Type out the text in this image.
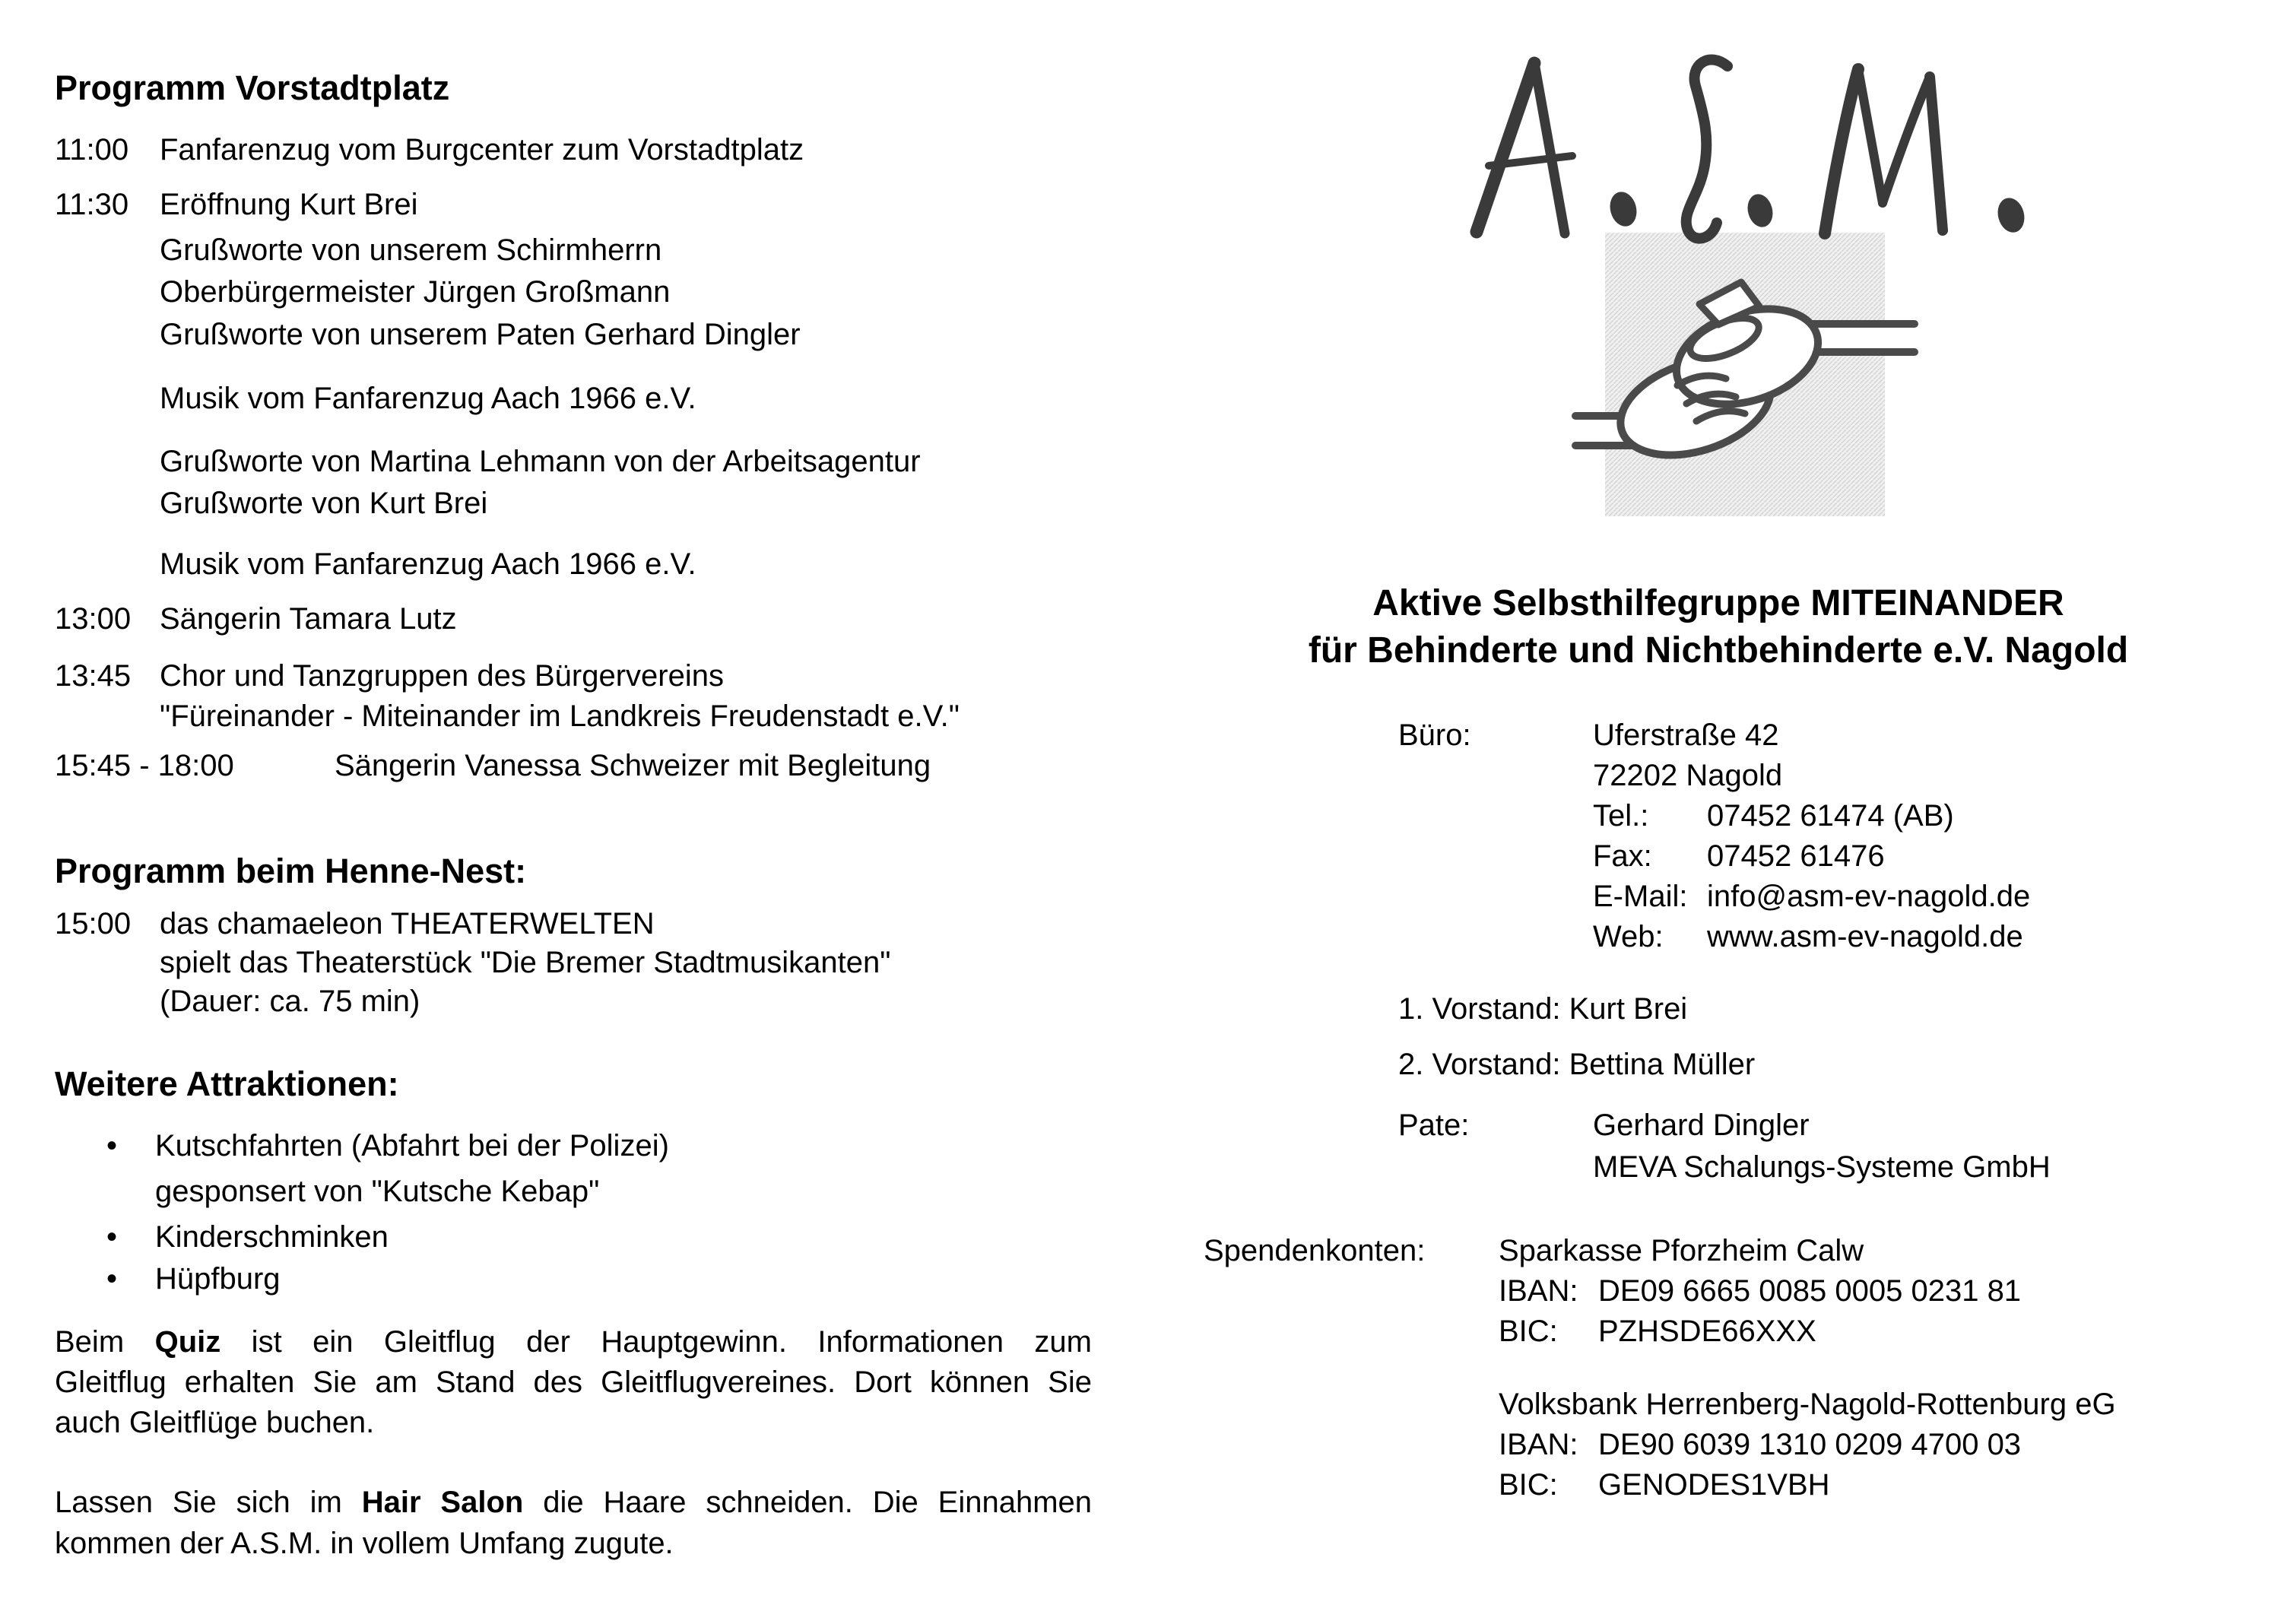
Programm Vorstadtplatz
11:00 Fanfarenzug vom Burgcenter zum Vorstadtplatz
11:30 Eröffnung Kurt Brei
Grußworte von unserem Schirmherrn
Oberbürgermeister Jürgen Großmann
Grußworte von unserem Paten Gerhard Dingler
Musik vom Fanfarenzug Aach 1966 e.V.
Grußworte von Martina Lehmann von der Arbeitsagentur
Grußworte von Kurt Brei
Musik vom Fanfarenzug Aach 1966 e.V.
13:00 Sängerin Tamara Lutz
13:45 Chor und Tanzgruppen des Bürgervereins
"Füreinander - Miteinander im Landkreis Freudenstadt e.V."
15:45 - 18:00	Sängerin Vanessa Schweizer mit Begleitung
Programm beim Henne-Nest:
15:00 das chamaeleon THEATERWELTEN
spielt das Theaterstück "Die Bremer Stadtmusikanten"
(Dauer: ca. 75 min)
Weitere Attraktionen:
• Kutschfahrten (Abfahrt bei der Polizei)
gesponsert von "Kutsche Kebap"
• Kinderschminken
• Hüpfburg
Beim Quiz ist ein Gleitflug der Hauptgewinn. Informationen zum
Gleitflug erhalten Sie am Stand des Gleitflugvereines. Dort können Sie
auch Gleitflüge buchen.
Lassen Sie sich im Hair Salon die Haare schneiden. Die Einnahmen
kommen der A.S.M. in vollem Umfang zugute.
Aktive Selbsthilfegruppe MITEINANDER
für Behinderte und Nichtbehinderte e.V. Nagold
Büro:	Uferstraße 42
72202 Nagold
Tel.: 07452 61474 (AB)
Fax: 07452 61476
E-Mail: info@asm-ev-nagold.de
Web: www.asm-ev-nagold.de
1. Vorstand: Kurt Brei
2. Vorstand: Bettina Müller
Pate:	Gerhard Dingler
MEVA Schalungs-Systeme GmbH
Spendenkonten: Sparkasse Pforzheim Calw
IBAN: DE09 6665 0085 0005 0231 81
BIC: PZHSDE66XXX
Volksbank Herrenberg-Nagold-Rottenburg eG
IBAN: DE90 6039 1310 0209 4700 03
BIC: GENODES1VBH
